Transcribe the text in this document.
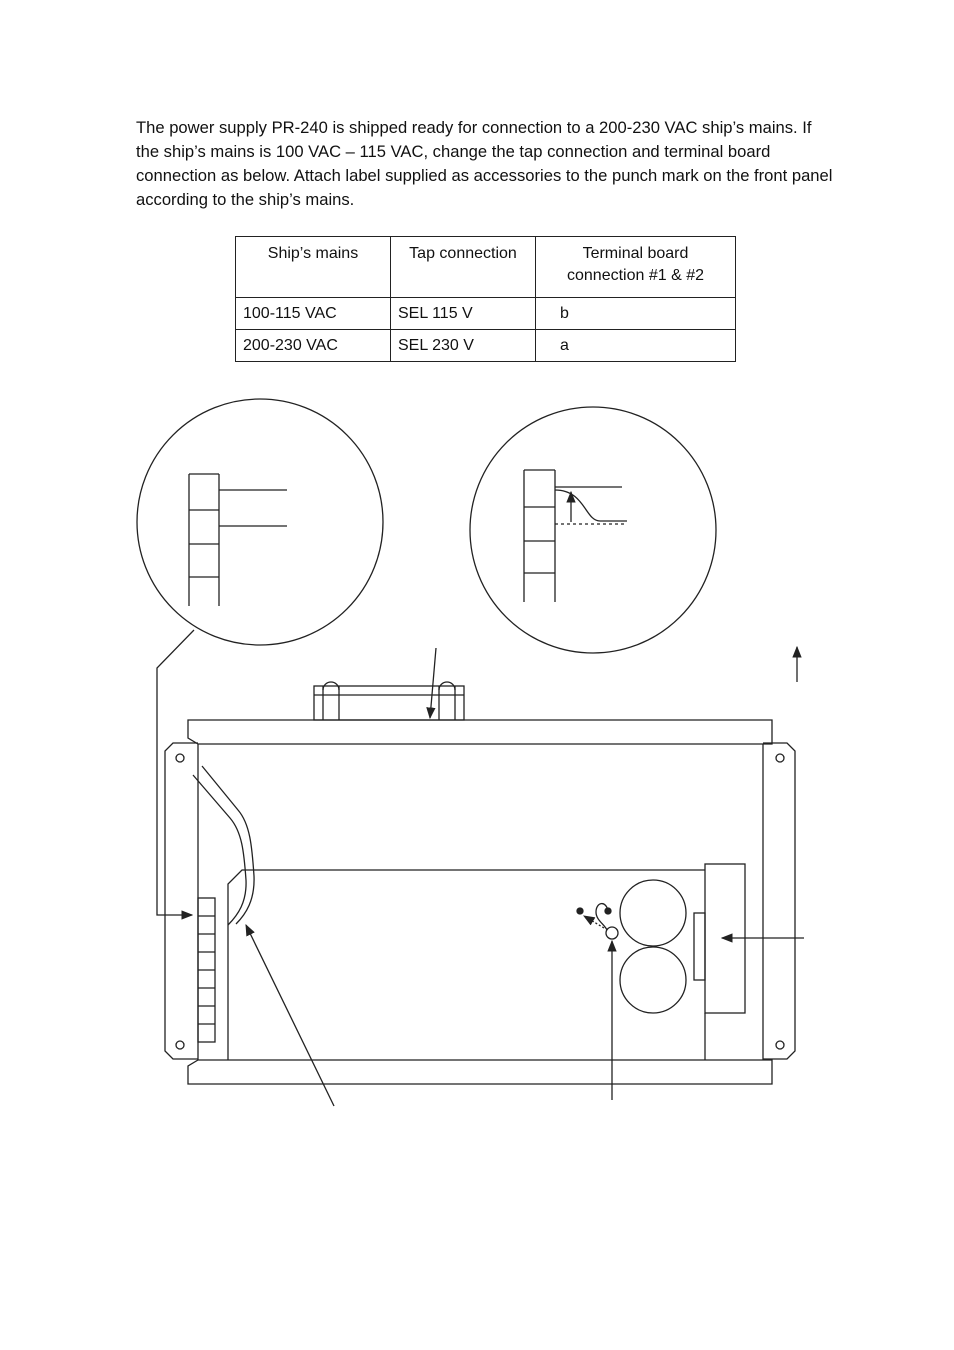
The power supply PR-240 is shipped ready for connection to a 200-230 VAC ship’s mains. If the ship’s mains is 100 VAC – 115 VAC, change the tap connection and terminal board connection as below. Attach label supplied as accessories to the punch mark on the front panel according to the ship’s mains.

Ship’s mains	Tap connection	Terminal board connection #1 & #2
100-115 VAC	SEL 115 V	b
200-230 VAC	SEL 230 V	a
